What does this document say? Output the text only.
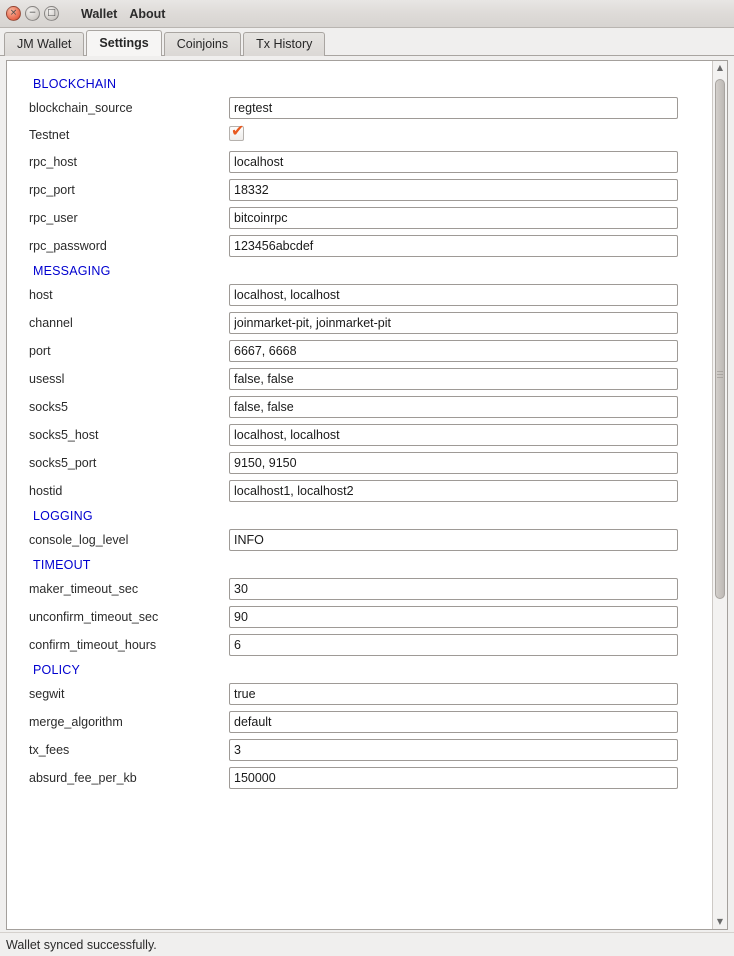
×	−	□	Wallet About
JM Wallet	Settings	Coinjoins	Tx History
BLOCKCHAIN	
blockchain_source	regtest
Testnet	✔

rpc_host	localhost
rpc_port	18332
rpc_user	bitcoinrpc
rpc_password	123456abcdef
MESSAGING	
host	localhost, localhost
channel	joinmarket-pit, joinmarket-pit
port	6667, 6668
usessl	false, false
socks5	false, false
socks5_host	localhost, localhost
socks5_port	9150, 9150
hostid	localhost1, localhost2
LOGGING	
console_log_level	INFO
TIMEOUT	
maker_timeout_sec	30
unconfirm_timeout_sec	90
confirm_timeout_hours	6
POLICY	
segwit	true
merge_algorithm	default
tx_fees	3
absurd_fee_per_kb	150000
▲
▼
Wallet synced successfully.
